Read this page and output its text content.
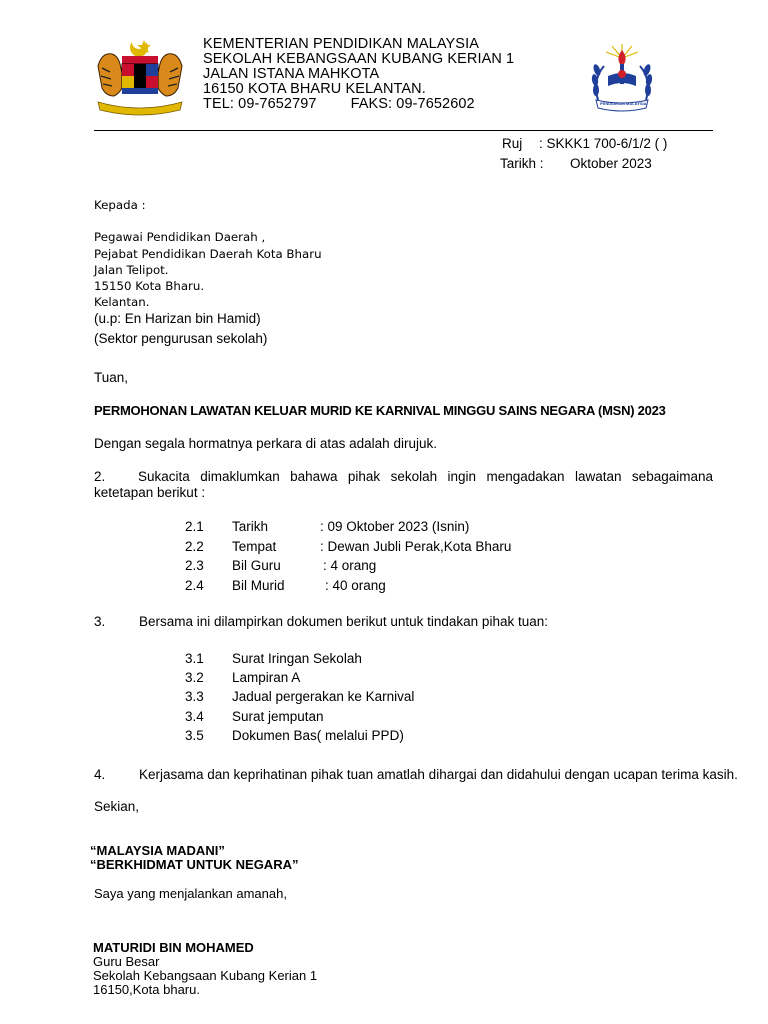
KEMENTERIAN PENDIDIKAN MALAYSIA
SEKOLAH KEBANGSAAN KUBANG KERIAN 1
JALAN ISTANA MAHKOTA
16150 KOTA BHARU KELANTAN.
TEL: 09-7652797 FAKS: 09-7652602	PENDIDIKAN MALAYSIA
Ruj : SKKK1 700-6/1/2 ( )
Tarikh : Oktober 2023
Kepada :
Pegawai Pendidikan Daerah ,
Pejabat Pendidikan Daerah Kota Bharu
Jalan Telipot.
15150 Kota Bharu.
Kelantan.
(u.p: En Harizan bin Hamid)
(Sektor pengurusan sekolah)
Tuan,
PERMOHONAN LAWATAN KELUAR MURID KE KARNIVAL MINGGU SAINS NEGARA (MSN) 2023
Dengan segala hormatnya perkara di atas adalah dirujuk.
2.	Sukacita dimaklumkan bahawa pihak sekolah ingin mengadakan lawatan sebagaimana ketetapan berikut :
2.1 Tarikh	: 09 Oktober 2023 (Isnin)
2.2 Tempat	: Dewan Jubli Perak,Kota Bharu
2.3 Bil Guru	: 4 orang
2.4 Bil Murid	: 40 orang
3. Bersama ini dilampirkan dokumen berikut untuk tindakan pihak tuan:
3.1 Surat Iringan Sekolah
3.2 Lampiran A
3.3 Jadual pergerakan ke Karnival
3.4 Surat jemputan
3.5 Dokumen Bas( melalui PPD)
4. Kerjasama dan keprihatinan pihak tuan amatlah dihargai dan didahului dengan ucapan terima kasih.
Sekian,
“MALAYSIA MADANI”
“BERKHIDMAT UNTUK NEGARA”
Saya yang menjalankan amanah,
MATURIDI BIN MOHAMED
Guru Besar
Sekolah Kebangsaan Kubang Kerian 1
16150,Kota bharu.
